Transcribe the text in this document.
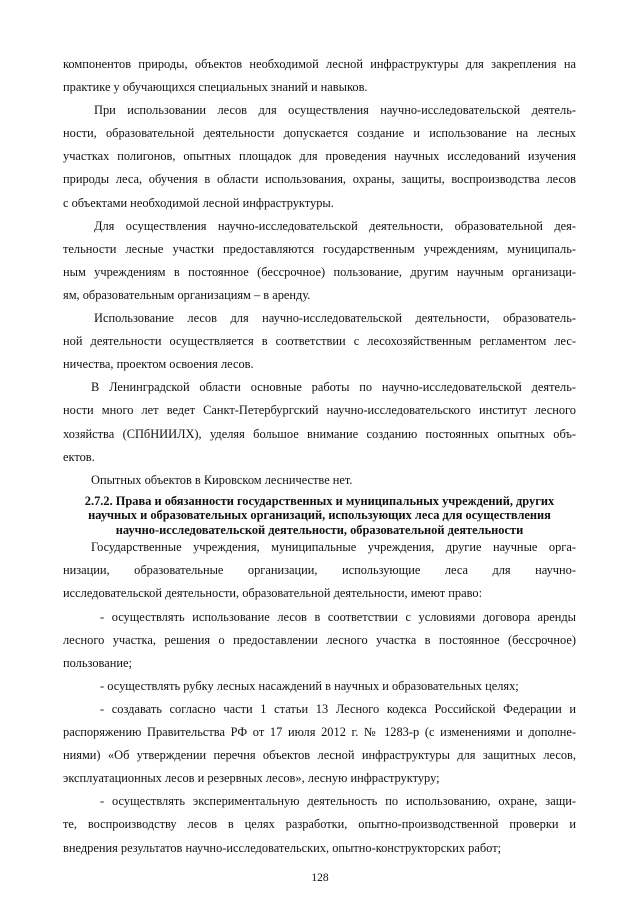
компонентов природы, объектов необходимой лесной инфраструктуры для закрепления на
практике у обучающихся специальных знаний и навыков.
При использовании лесов для осуществления научно-исследовательской деятель-
ности, образовательной деятельности допускается создание и использование на лесных
участках полигонов, опытных площадок для проведения научных исследований изучения
природы леса, обучения в области использования, охраны, защиты, воспроизводства лесов
с объектами необходимой лесной инфраструктуры.
Для осуществления научно-исследовательской деятельности, образовательной дея-
тельности лесные участки предоставляются государственным учреждениям, муниципаль-
ным учреждениям в постоянное (бессрочное) пользование, другим научным организаци-
ям, образовательным организациям – в аренду.
Использование лесов для научно-исследовательской деятельности, образователь-
ной деятельности осуществляется в соответствии с лесохозяйственным регламентом лес-
ничества, проектом освоения лесов.
В Ленинградской области основные работы по научно-исследовательской деятель-
ности много лет ведет Санкт-Петербургский научно-исследовательского институт лесного
хозяйства (СПбНИИЛХ), уделяя большое внимание созданию постоянных опытных объ-
ектов.
Опытных объектов в Кировском лесничестве нет.
2.7.2. Права и обязанности государственных и муниципальных учреждений, других
научных и образовательных организаций, использующих леса для осуществления
научно-исследовательской деятельности, образовательной деятельности
Государственные учреждения, муниципальные учреждения, другие научные орга-
низации, образовательные организации, использующие леса для научно-
исследовательской деятельности, образовательной деятельности, имеют право:
- осуществлять использование лесов в соответствии с условиями договора аренды
лесного участка, решения о предоставлении лесного участка в постоянное (бессрочное)
пользование;
- осуществлять рубку лесных насаждений в научных и образовательных целях;
- создавать согласно части 1 статьи 13 Лесного кодекса Российской Федерации и
распоряжению Правительства РФ от 17 июля 2012 г. № 1283-р (с изменениями и дополне-
ниями) «Об утверждении перечня объектов лесной инфраструктуры для защитных лесов,
эксплуатационных лесов и резервных лесов», лесную инфраструктуру;
- осуществлять экспериментальную деятельность по использованию, охране, защи-
те, воспроизводству лесов в целях разработки, опытно-производственной проверки и
внедрения результатов научно-исследовательских, опытно-конструкторских работ;
128
